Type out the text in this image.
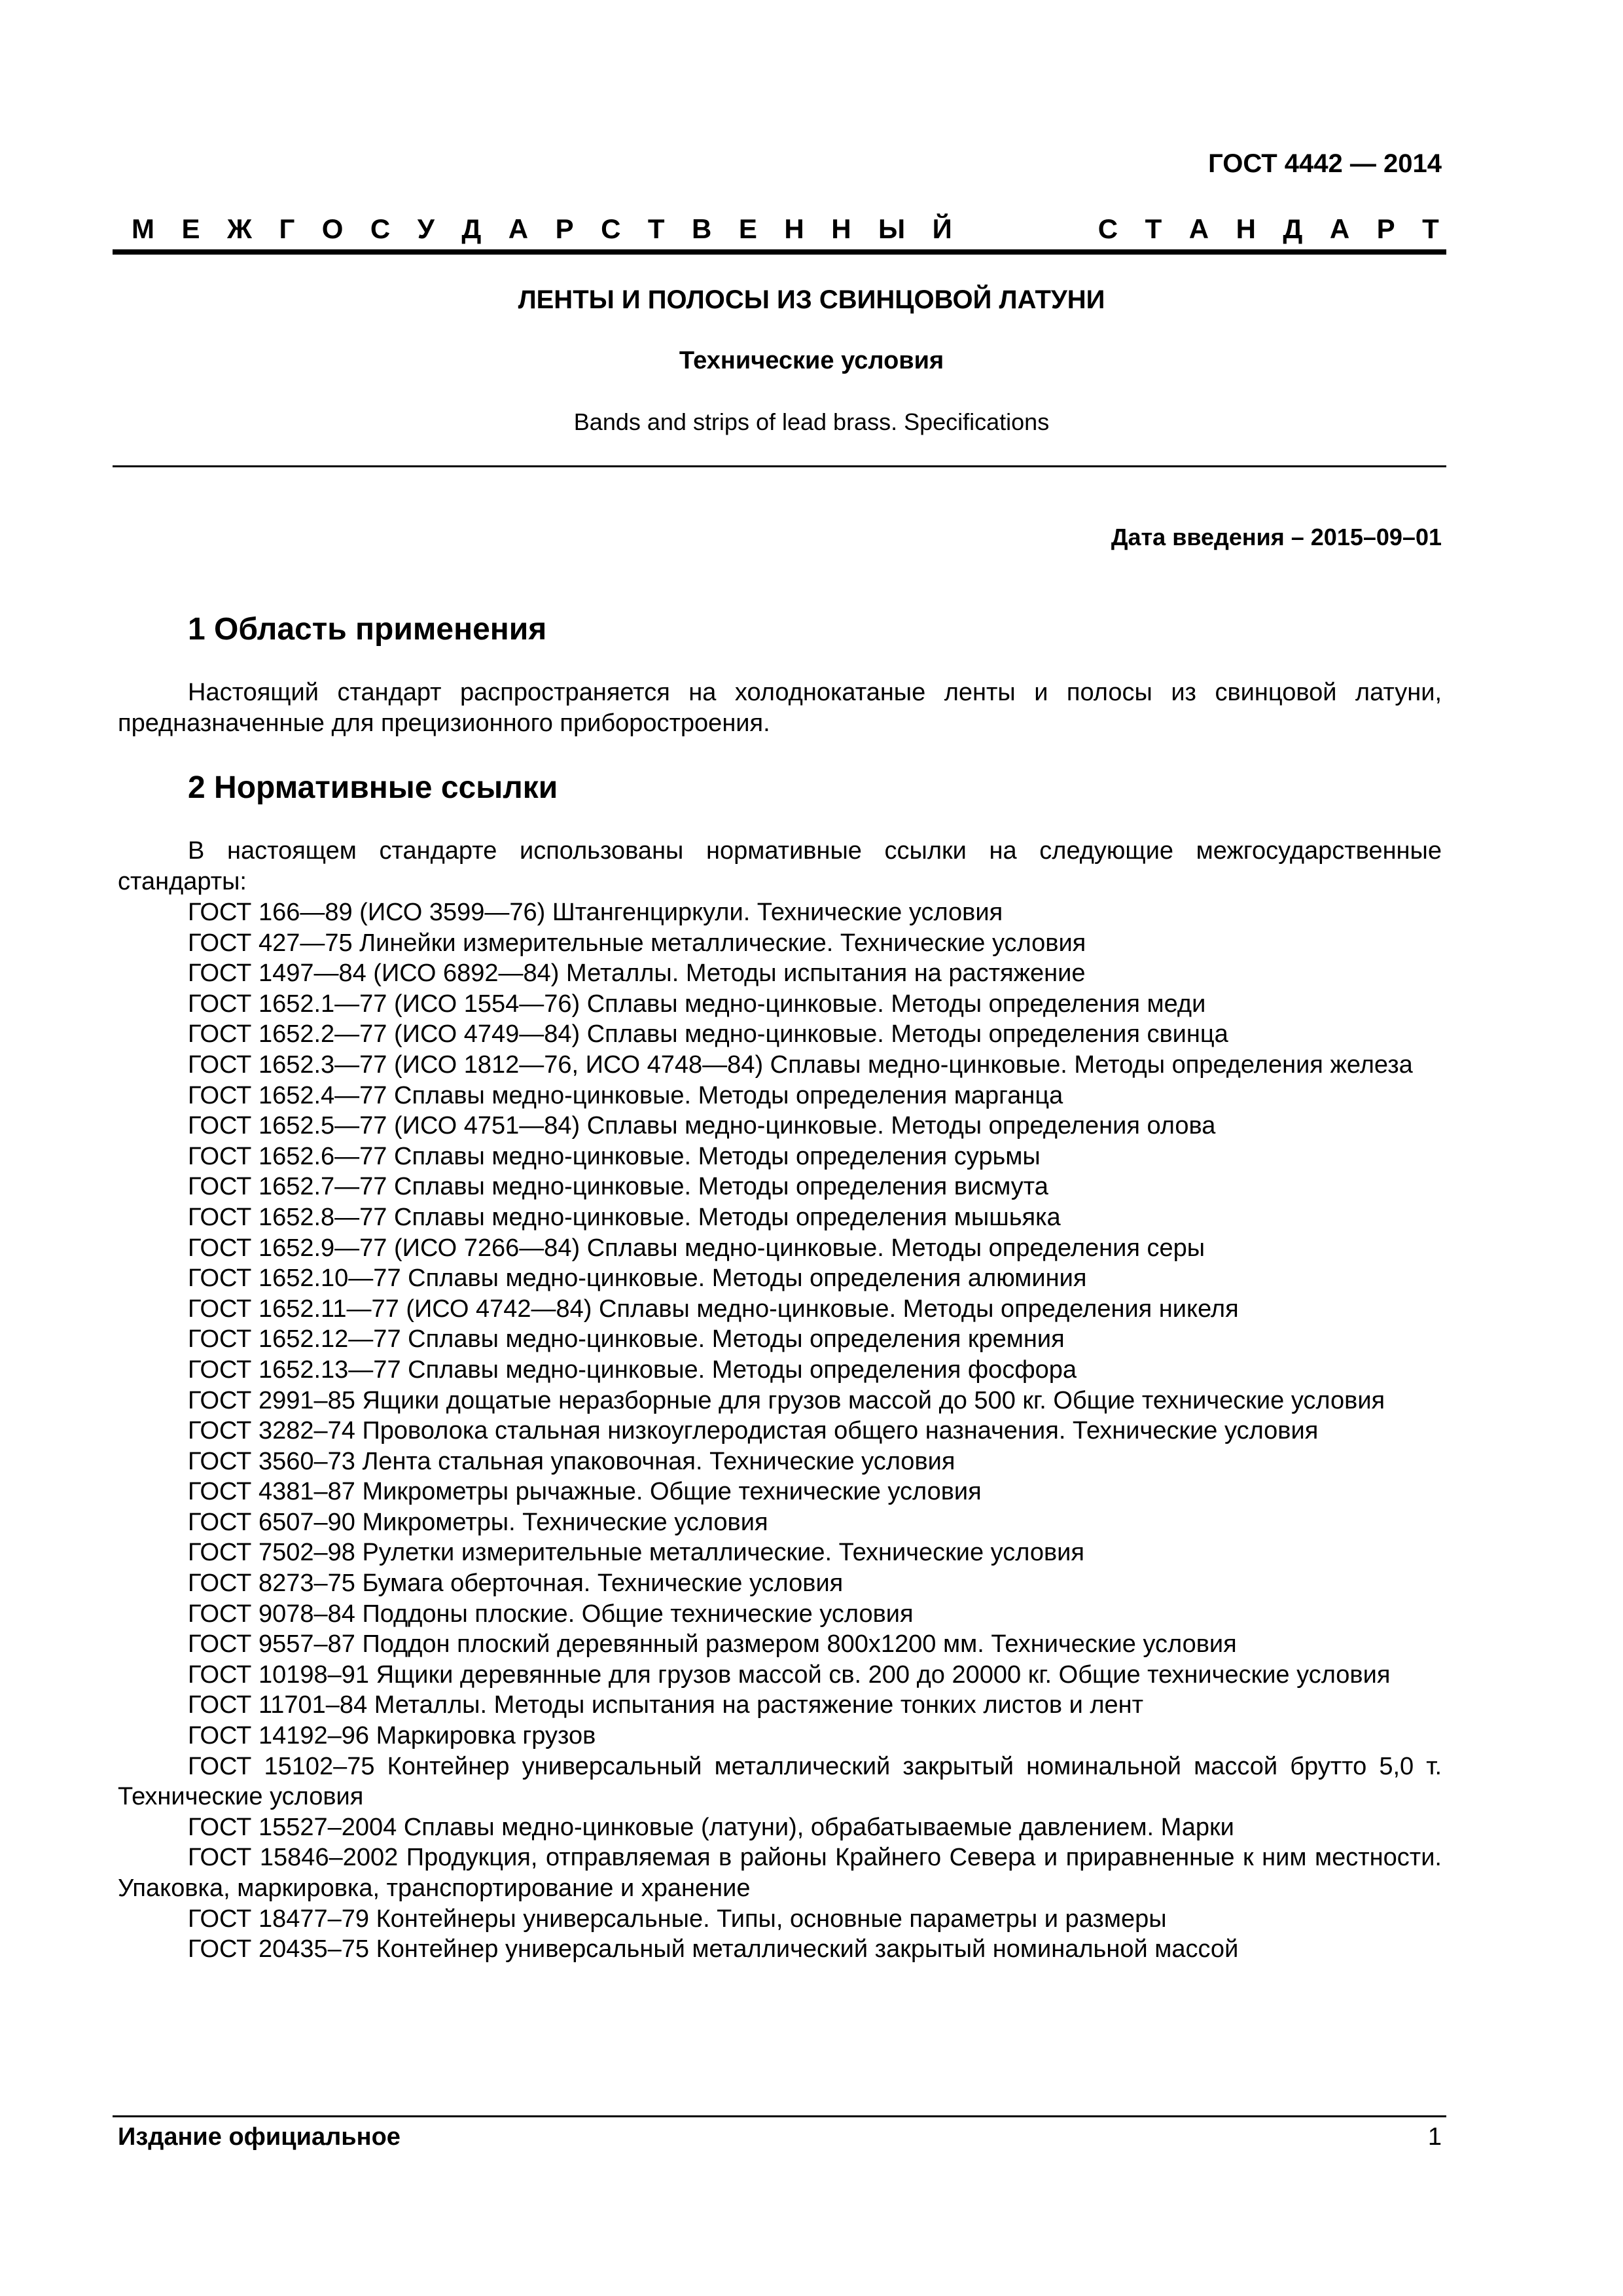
ГОСТ 4442 — 2014
М Е Ж Г О С У Д А Р С Т В Е Н Н Ы Й	С Т А Н Д А Р Т
ЛЕНТЫ И ПОЛОСЫ ИЗ СВИНЦОВОЙ ЛАТУНИ
Технические условия
Bands and strips of lead brass. Specifications
Дата введения – 2015–09–01
1 Область применения
Настоящий стандарт распространяется на холоднокатаные ленты и полосы из свинцовой латуни, предназначенные для прецизионного приборостроения.
2 Нормативные ссылки
В настоящем стандарте использованы нормативные ссылки на следующие межгосударственные стандарты:
ГОСТ 166—89 (ИСО 3599—76) Штангенциркули. Технические условия
ГОСТ 427—75 Линейки измерительные металлические. Технические условия
ГОСТ 1497—84 (ИСО 6892—84) Металлы. Методы испытания на растяжение
ГОСТ 1652.1—77 (ИСО 1554—76) Сплавы медно-цинковые. Методы определения меди
ГОСТ 1652.2—77 (ИСО 4749—84) Сплавы медно-цинковые. Методы определения свинца
ГОСТ 1652.3—77 (ИСО 1812—76, ИСО 4748—84) Сплавы медно-цинковые. Методы определения железа
ГОСТ 1652.4—77 Сплавы медно-цинковые. Методы определения марганца
ГОСТ 1652.5—77 (ИСО 4751—84) Сплавы медно-цинковые. Методы определения олова
ГОСТ 1652.6—77 Сплавы медно-цинковые. Методы определения сурьмы
ГОСТ 1652.7—77 Сплавы медно-цинковые. Методы определения висмута
ГОСТ 1652.8—77 Сплавы медно-цинковые. Методы определения мышьяка
ГОСТ 1652.9—77 (ИСО 7266—84) Сплавы медно-цинковые. Методы определения серы
ГОСТ 1652.10—77 Сплавы медно-цинковые. Методы определения алюминия
ГОСТ 1652.11—77 (ИСО 4742—84) Сплавы медно-цинковые. Методы определения никеля
ГОСТ 1652.12—77 Сплавы медно-цинковые. Методы определения кремния
ГОСТ 1652.13—77 Сплавы медно-цинковые. Методы определения фосфора
ГОСТ 2991–85 Ящики дощатые неразборные для грузов массой до 500 кг. Общие технические условия
ГОСТ 3282–74 Проволока стальная низкоуглеродистая общего назначения. Технические условия
ГОСТ 3560–73 Лента стальная упаковочная. Технические условия
ГОСТ 4381–87 Микрометры рычажные. Общие технические условия
ГОСТ 6507–90 Микрометры. Технические условия
ГОСТ 7502–98 Рулетки измерительные металлические. Технические условия
ГОСТ 8273–75 Бумага оберточная. Технические условия
ГОСТ 9078–84 Поддоны плоские. Общие технические условия
ГОСТ 9557–87 Поддон плоский деревянный размером 800х1200 мм. Технические условия
ГОСТ 10198–91 Ящики деревянные для грузов массой св. 200 до 20000 кг. Общие технические условия
ГОСТ 11701–84 Металлы. Методы испытания на растяжение тонких листов и лент
ГОСТ 14192–96 Маркировка грузов
ГОСТ 15102–75 Контейнер универсальный металлический закрытый номинальной массой брутто 5,0 т. Технические условия
ГОСТ 15527–2004 Сплавы медно-цинковые (латуни), обрабатываемые давлением. Марки
ГОСТ 15846–2002 Продукция, отправляемая в районы Крайнего Севера и приравненные к ним местности. Упаковка, маркировка, транспортирование и хранение
ГОСТ 18477–79 Контейнеры универсальные. Типы, основные параметры и размеры
ГОСТ 20435–75 Контейнер универсальный металлический закрытый номинальной массой
Издание официальное	1
